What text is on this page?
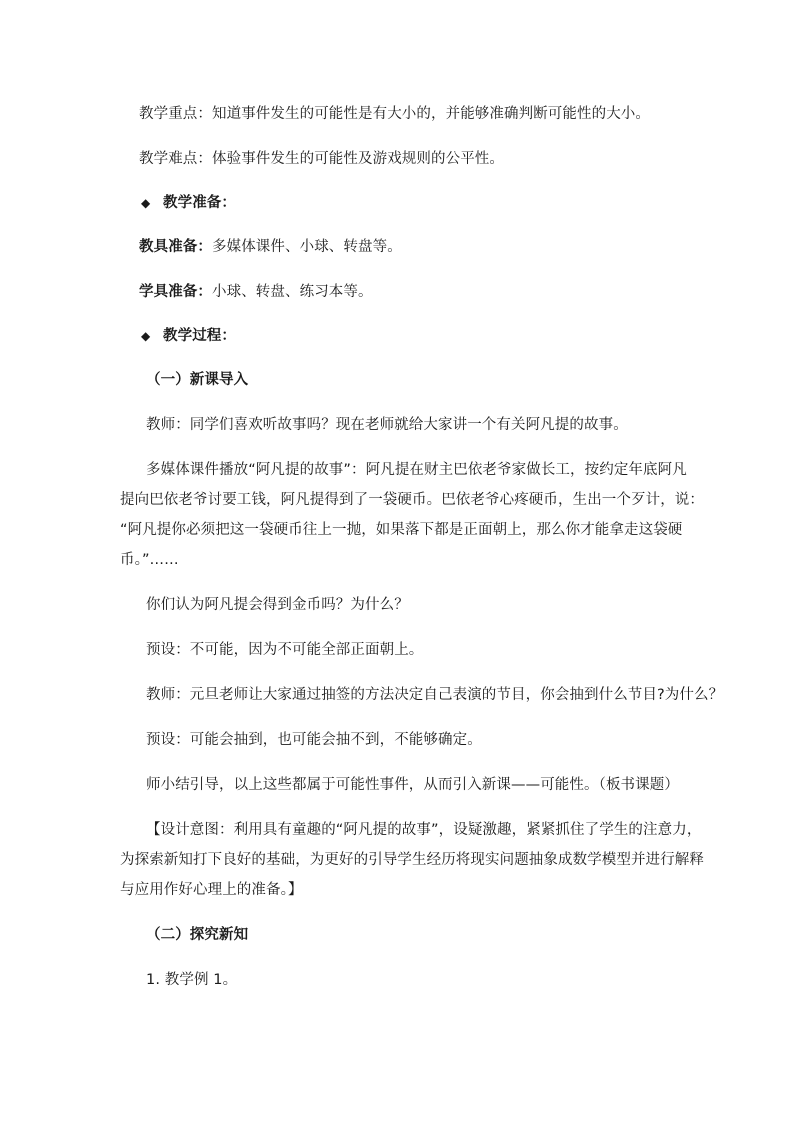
教学重点：知道事件发生的可能性是有大小的，并能够准确判断可能性的大小。
教学难点：体验事件发生的可能性及游戏规则的公平性。
◆ 教学准备：
教具准备：多媒体课件、小球、转盘等。
学具准备：小球、转盘、练习本等。
◆ 教学过程：
（一）新课导入
教师：同学们喜欢听故事吗？现在老师就给大家讲一个有关阿凡提的故事。
多媒体课件播放“阿凡提的故事”：阿凡提在财主巴依老爷家做长工，按约定年底阿凡
提向巴依老爷讨要工钱，阿凡提得到了一袋硬币。巴依老爷心疼硬币，生出一个歹计，说：
“阿凡提你必须把这一袋硬币往上一抛，如果落下都是正面朝上，那么你才能拿走这袋硬
币。”……
你们认为阿凡提会得到金币吗？为什么？
预设：不可能，因为不可能全部正面朝上。
教师：元旦老师让大家通过抽签的方法决定自己表演的节目，你会抽到什么节目?为什么？
预设：可能会抽到，也可能会抽不到，不能够确定。
师小结引导，以上这些都属于可能性事件，从而引入新课——可能性。（板书课题）
【设计意图：利用具有童趣的“阿凡提的故事”，设疑激趣，紧紧抓住了学生的注意力，
为探索新知打下良好的基础，为更好的引导学生经历将现实问题抽象成数学模型并进行解释
与应用作好心理上的准备。】
（二）探究新知
1. 教学例 1。
